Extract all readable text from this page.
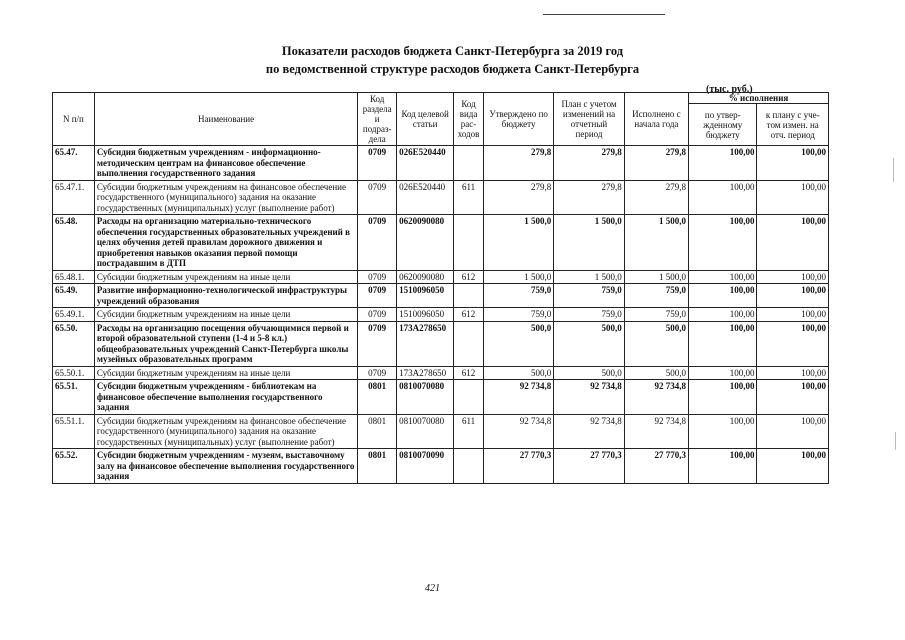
Показатели расходов бюджета Санкт-Петербурга за 2019 год
по ведомственной структуре расходов бюджета Санкт-Петербурга
(тыс. руб.)
N п/п	Наименование	Код раздела и подраз-дела	Код целевой статьи	Код вида рас-ходов	Утверждено по бюджету	План с учетом изменений на отчетный период	Исполнено с начала года	% исполнения	
								по утвер-жденному бюджету	к плану с уче-том измен. на отч. период
65.47.	Субсидия бюджетным учреждениям - информационно-методическим центрам на финансовое обеспечение выполнения государственного задания	0709	026Е520440		279,8	279,8	279,8	100,00	100,00
65.47.1.	Субсидии бюджетным учреждениям на финансовое обеспечение государственного (муниципального) задания на оказание государственных (муниципальных) услуг (выполнение работ)	0709	026Е520440	611	279,8	279,8	279,8	100,00	100,00
65.48.	Расходы на организацию материально-технического обеспечения государственных образовательных учреждений в целях обучения детей правилам дорожного движения и приобретения навыков оказания первой помощи пострадавшим в ДТП	0709	0620090080		1 500,0	1 500,0	1 500,0	100,00	100,00
65.48.1.	Субсидии бюджетным учреждениям на иные цели	0709	0620090080	612	1 500,0	1 500,0	1 500,0	100,00	100,00
65.49.	Развитие информационно-технологической инфраструктуры учреждений образования	0709	1510096050		759,0	759,0	759,0	100,00	100,00
65.49.1.	Субсидии бюджетным учреждениям на иные цели	0709	1510096050	612	759,0	759,0	759,0	100,00	100,00
65.50.	Расходы на организацию посещения обучающимися первой и второй образовательной ступени (1-4 и 5-8 кл.) общеобразовательных учреждений Санкт-Петербурга школы музейных образовательных программ	0709	173А278650		500,0	500,0	500,0	100,00	100,00
65.50.1.	Субсидии бюджетным учреждениям на иные цели	0709	173А278650	612	500,0	500,0	500,0	100,00	100,00
65.51.	Субсидии бюджетным учреждениям - библиотекам на финансовое обеспечение выполнения государственного задания	0801	0810070080		92 734,8	92 734,8	92 734,8	100,00	100,00
65.51.1.	Субсидии бюджетным учреждениям на финансовое обеспечение государственного (муниципального) задания на оказание государственных (муниципальных) услуг (выполнение работ)	0801	0810070080	611	92 734,8	92 734,8	92 734,8	100,00	100,00
65.52.	Субсидии бюджетным учреждениям - музеям, выставочному залу на финансовое обеспечение выполнения государственного задания	0801	0810070090		27 770,3	27 770,3	27 770,3	100,00	100,00
421
